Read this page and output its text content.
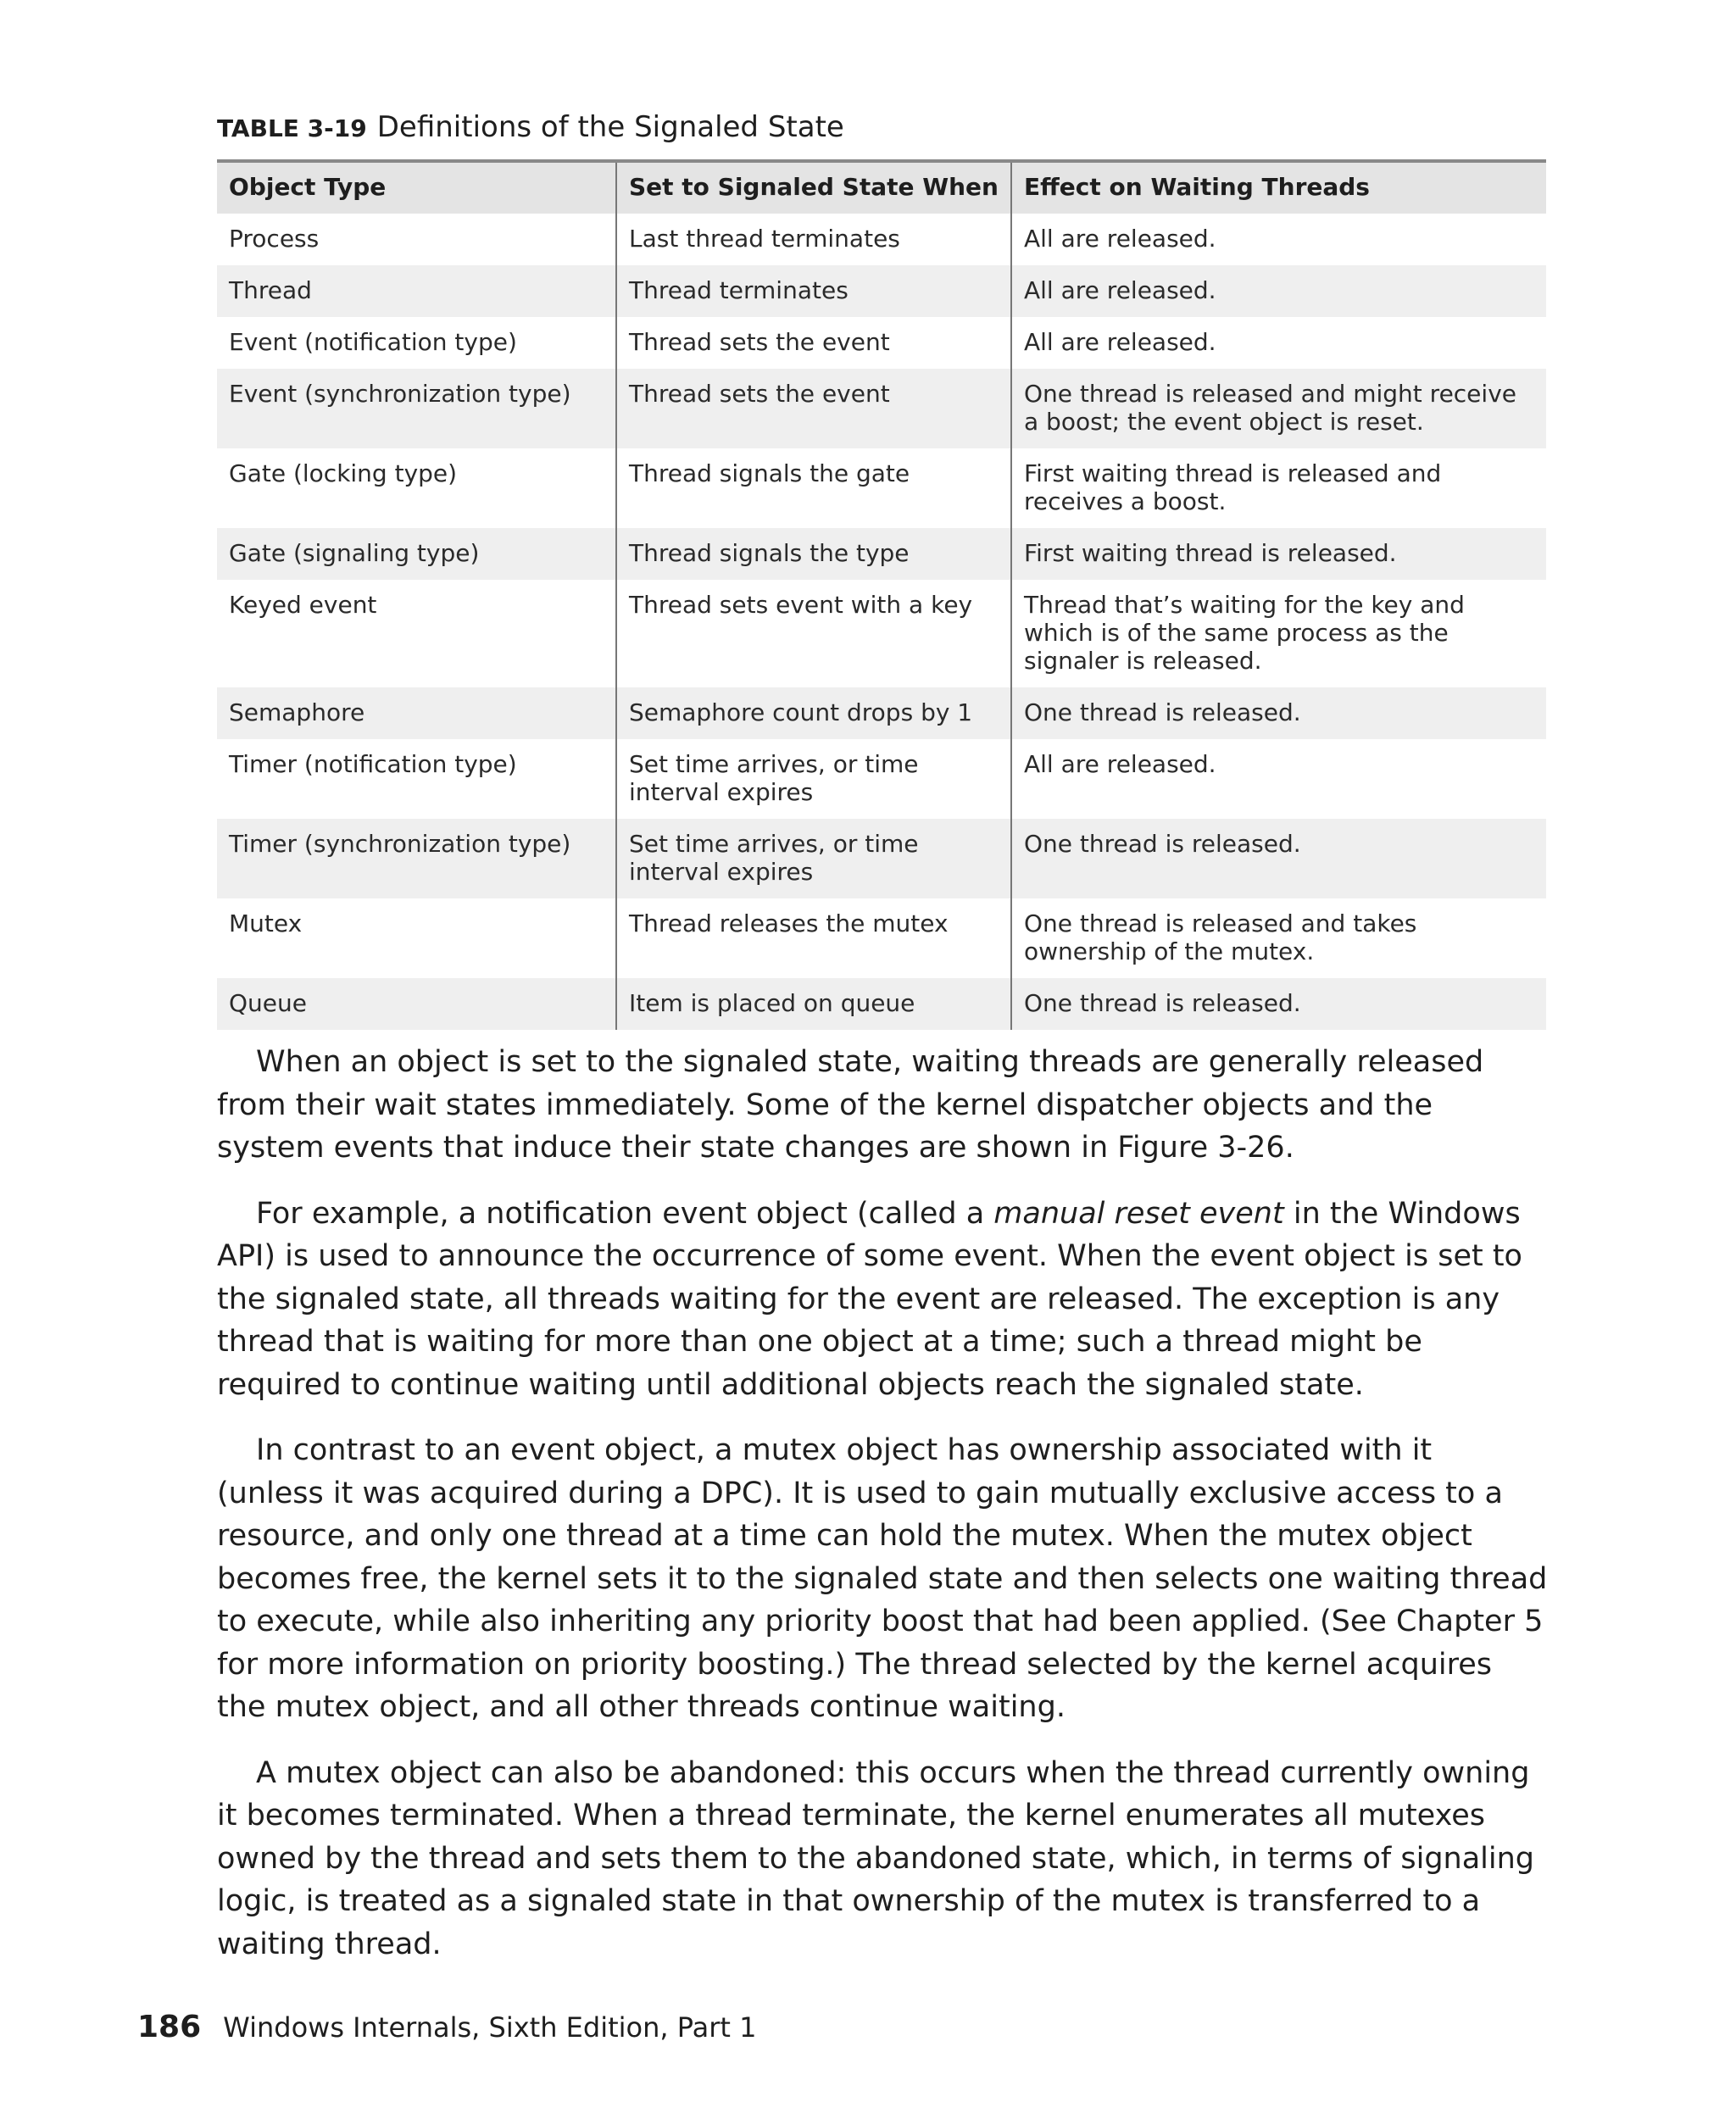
TABLE 3-19 Definitions of the Signaled State
Object Type	Set to Signaled State When	Effect on Waiting Threads
Process	Last thread terminates	All are released.
Thread	Thread terminates	All are released.
Event (notification type)	Thread sets the event	All are released.
Event (synchronization type)	Thread sets the event	One thread is released and might receive a boost; the event object is reset.
Gate (locking type)	Thread signals the gate	First waiting thread is released and receives a boost.
Gate (signaling type)	Thread signals the type	First waiting thread is released.
Keyed event	Thread sets event with a key	Thread that’s waiting for the key and which is of the same process as the signaler is released.
Semaphore	Semaphore count drops by 1	One thread is released.
Timer (notification type)	Set time arrives, or time interval expires	All are released.
Timer (synchronization type)	Set time arrives, or time interval expires	One thread is released.
Mutex	Thread releases the mutex	One thread is released and takes ownership of the mutex.
Queue	Item is placed on queue	One thread is released.

When an object is set to the signaled state, waiting threads are generally released from their wait states immediately. Some of the kernel dispatcher objects and the system events that induce their state changes are shown in Figure 3-26.

For example, a notification event object (called a manual reset event in the Windows API) is used to announce the occurrence of some event. When the event object is set to the signaled state, all threads waiting for the event are released. The exception is any thread that is waiting for more than one object at a time; such a thread might be required to continue waiting until additional objects reach the signaled state.

In contrast to an event object, a mutex object has ownership associated with it (unless it was acquired during a DPC). It is used to gain mutually exclusive access to a resource, and only one thread at a time can hold the mutex. When the mutex object becomes free, the kernel sets it to the signaled state and then selects one waiting thread to execute, while also inheriting any priority boost that had been applied. (See Chapter 5 for more information on priority boosting.) The thread selected by the kernel acquires the mutex object, and all other threads continue waiting.

A mutex object can also be abandoned: this occurs when the thread currently owning it becomes terminated. When a thread terminate, the kernel enumerates all mutexes owned by the thread and sets them to the abandoned state, which, in terms of signaling logic, is treated as a signaled state in that ownership of the mutex is transferred to a waiting thread.

186 Windows Internals, Sixth Edition, Part 1
